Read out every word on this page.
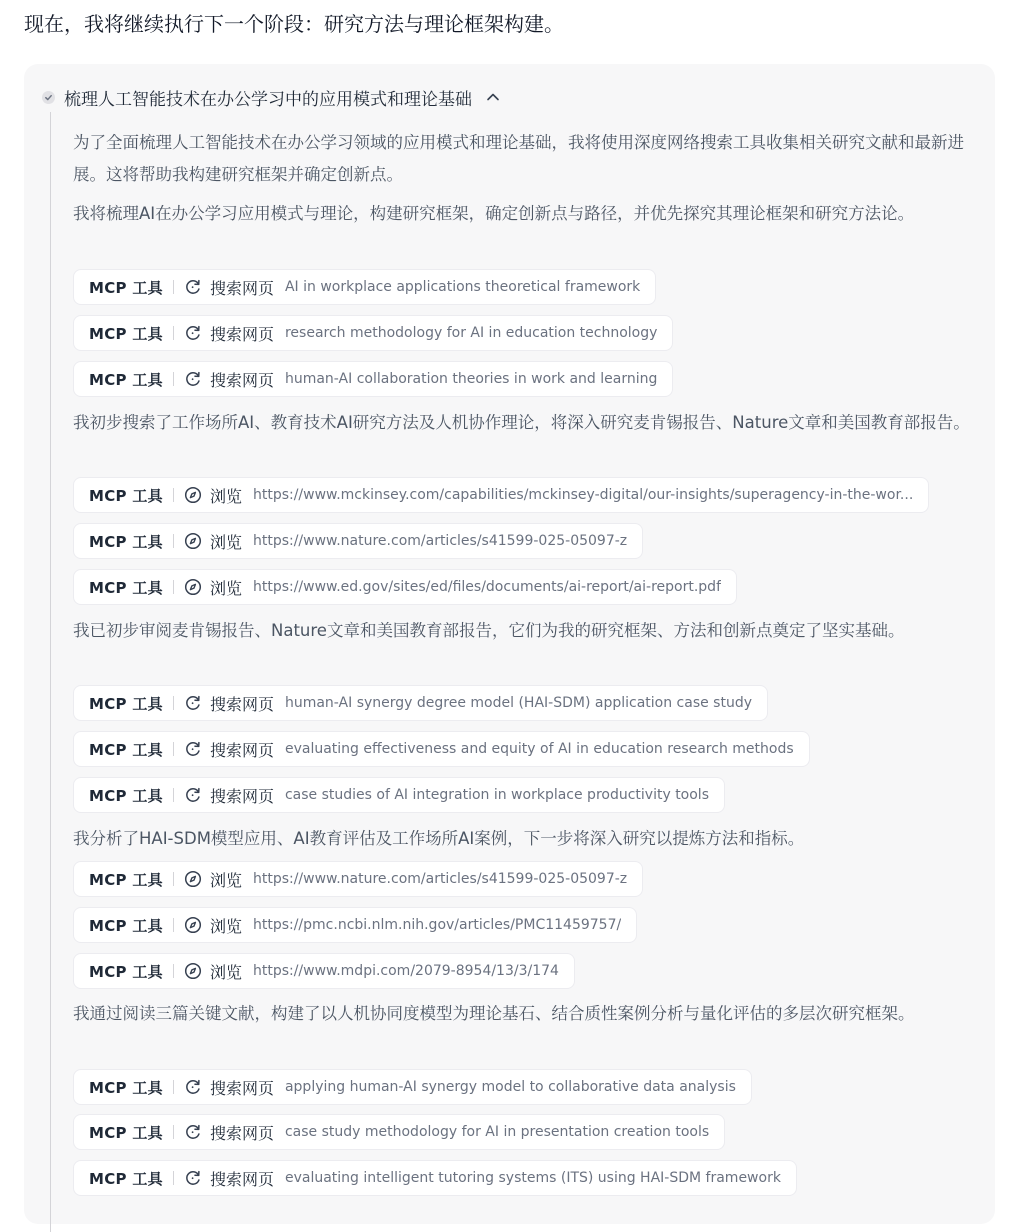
现在，我将继续执行下一个阶段：研究方法与理论框架构建。
梳理人工智能技术在办公学习中的应用模式和理论基础
为了全面梳理人工智能技术在办公学习领域的应用模式和理论基础，我将使用深度网络搜索工具收集相关研究文献和最新进展。这将帮助我构建研究框架并确定创新点。
我将梳理AI在办公学习应用模式与理论，构建研究框架，确定创新点与路径，并优先探究其理论框架和研究方法论。
MCP 工具	搜索网页 AI in workplace applications theoretical framework
MCP 工具	搜索网页 research methodology for AI in education technology
MCP 工具	搜索网页 human-AI collaboration theories in work and learning
我初步搜索了工作场所AI、教育技术AI研究方法及人机协作理论，将深入研究麦肯锡报告、Nature文章和美国教育部报告。
MCP 工具	浏览 https://www.mckinsey.com/capabilities/mckinsey-digital/our-insights/superagency-in-the-wor...
MCP 工具	浏览 https://www.nature.com/articles/s41599-025-05097-z
MCP 工具	浏览 https://www.ed.gov/sites/ed/files/documents/ai-report/ai-report.pdf
我已初步审阅麦肯锡报告、Nature文章和美国教育部报告，它们为我的研究框架、方法和创新点奠定了坚实基础。
MCP 工具	搜索网页 human-AI synergy degree model (HAI-SDM) application case study
MCP 工具	搜索网页 evaluating effectiveness and equity of AI in education research methods
MCP 工具	搜索网页 case studies of AI integration in workplace productivity tools
我分析了HAI-SDM模型应用、AI教育评估及工作场所AI案例，下一步将深入研究以提炼方法和指标。
MCP 工具	浏览 https://www.nature.com/articles/s41599-025-05097-z
MCP 工具	浏览 https://pmc.ncbi.nlm.nih.gov/articles/PMC11459757/
MCP 工具	浏览 https://www.mdpi.com/2079-8954/13/3/174
我通过阅读三篇关键文献，构建了以人机协同度模型为理论基石、结合质性案例分析与量化评估的多层次研究框架。
MCP 工具	搜索网页 applying human-AI synergy model to collaborative data analysis
MCP 工具	搜索网页 case study methodology for AI in presentation creation tools
MCP 工具	搜索网页 evaluating intelligent tutoring systems (ITS) using HAI-SDM framework
